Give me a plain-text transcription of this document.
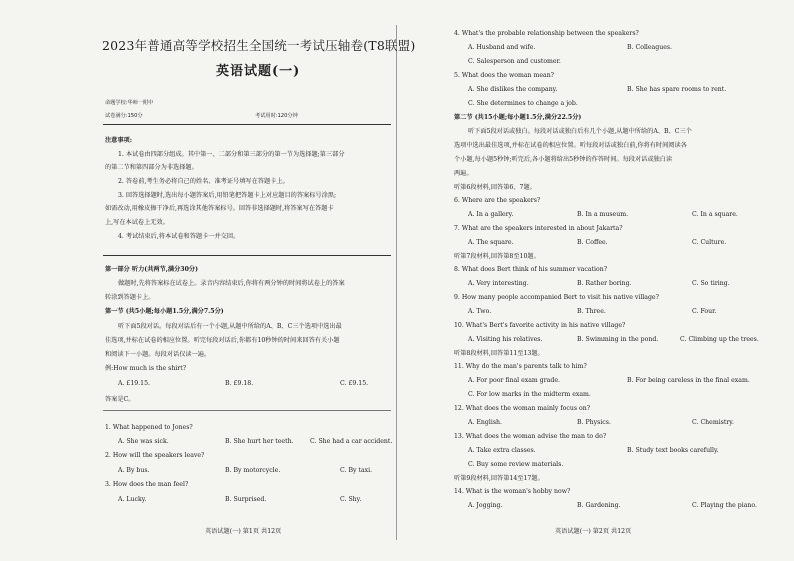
2023年普通高等学校招生全国统一考试压轴卷(T8联盟)
英语试题(一)
命题学校:华师一附中
试卷满分:150分	考试用时:120分钟
注意事项:
1. 本试卷由四部分组成。其中第一、二部分和第三部分的第一节为选择题;第三部分
的第二节和第四部分为非选择题。
2. 答卷前,考生务必将自己的姓名、准考证号填写在答题卡上。
3. 回答选择题时,选出每小题答案后,用铅笔把答题卡上对应题目的答案标号涂黑;
如需改动,用橡皮擦干净后,再选涂其他答案标号。回答非选择题时,将答案写在答题卡
上,写在本试卷上无效。
4. 考试结束后,将本试卷和答题卡一并交回。
第一部分 听力(共两节,满分30分)
做题时,先将答案标在试卷上。录音内容结束后,你将有两分钟的时间将试卷上的答案
转涂到答题卡上。
第一节 (共5小题;每小题1.5分,满分7.5分)
听下面5段对话。每段对话后有一个小题,从题中所给的A、B、C三个选项中选出最
佳选项,并标在试卷的相应位置。听完每段对话后,你都有10秒钟的时间来回答有关小题
和阅读下一小题。每段对话仅读一遍。
例:How much is the shirt?
A. £19.15.	B. £9.18.	C. £9.15.
答案是C。
1. What happened to Jones?
A. She was sick.	B. She hurt her teeth.	C. She had a car accident.
2. How will the speakers leave?
A. By bus.	B. By motorcycle.	C. By taxi.
3. How does the man feel?
A. Lucky.	B. Surprised.	C. Shy.
英语试题(一) 第1页 共12页
4. What's the probable relationship between the speakers?
A. Husband and wife.	B. Colleagues.
C. Salesperson and customer.
5. What does the woman mean?
A. She dislikes the company.	B. She has spare rooms to rent.
C. She determines to change a job.
第二节 (共15小题;每小题1.5分,满分22.5分)
听下面5段对话或独白。每段对话或独白后有几个小题,从题中所给的A、B、C三个
选项中选出最佳选项,并标在试卷的相应位置。听每段对话或独白前,你将有时间阅读各
个小题,每小题5秒钟;听完后,各小题将给出5秒钟的作答时间。每段对话或独白读
两遍。
听第6段材料,回答第6、7题。
6. Where are the speakers?
A. In a gallery.	B. In a museum.	C. In a square.
7. What are the speakers interested in about Jakarta?
A. The square.	B. Coffee.	C. Culture.
听第7段材料,回答第8至10题。
8. What does Bert think of his summer vacation?
A. Very interesting.	B. Rather boring.	C. So tiring.
9. How many people accompanied Bert to visit his native village?
A. Two.	B. Three.	C. Four.
10. What's Bert's favorite activity in his native village?
A. Visiting his relatives.	B. Swimming in the pond.	C. Climbing up the trees.
听第8段材料,回答第11至13题。
11. Why do the man's parents talk to him?
A. For poor final exam grade.	B. For being careless in the final exam.
C. For low marks in the midterm exam.
12. What does the woman mainly focus on?
A. English.	B. Physics.	C. Chemistry.
13. What does the woman advise the man to do?
A. Take extra classes.	B. Study text books carefully.
C. Buy some review materials.
听第9段材料,回答第14至17题。
14. What is the woman's hobby now?
A. Jogging.	B. Gardening.	C. Playing the piano.
英语试题(一) 第2页 共12页
